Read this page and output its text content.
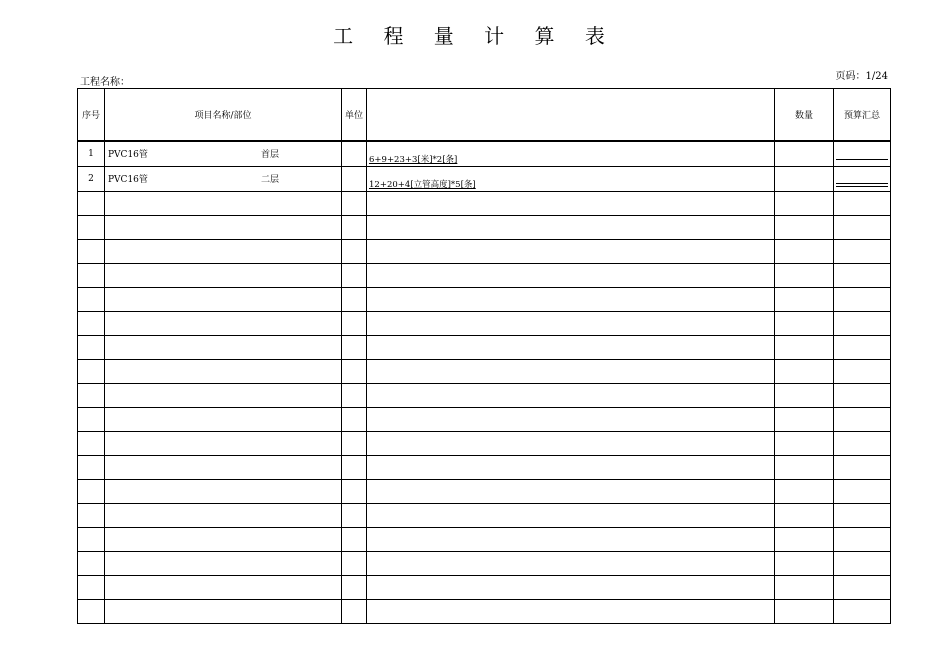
工 程 量 计 算 表
工程名称：
页码：1/24
序号	项目名称/部位	单位		数量	预算汇总
1	PVC16管 首层		6+9+23+3[米]*2[条]		

2	PVC16管 二层		12+20+4[立管高度]*5[条]		
